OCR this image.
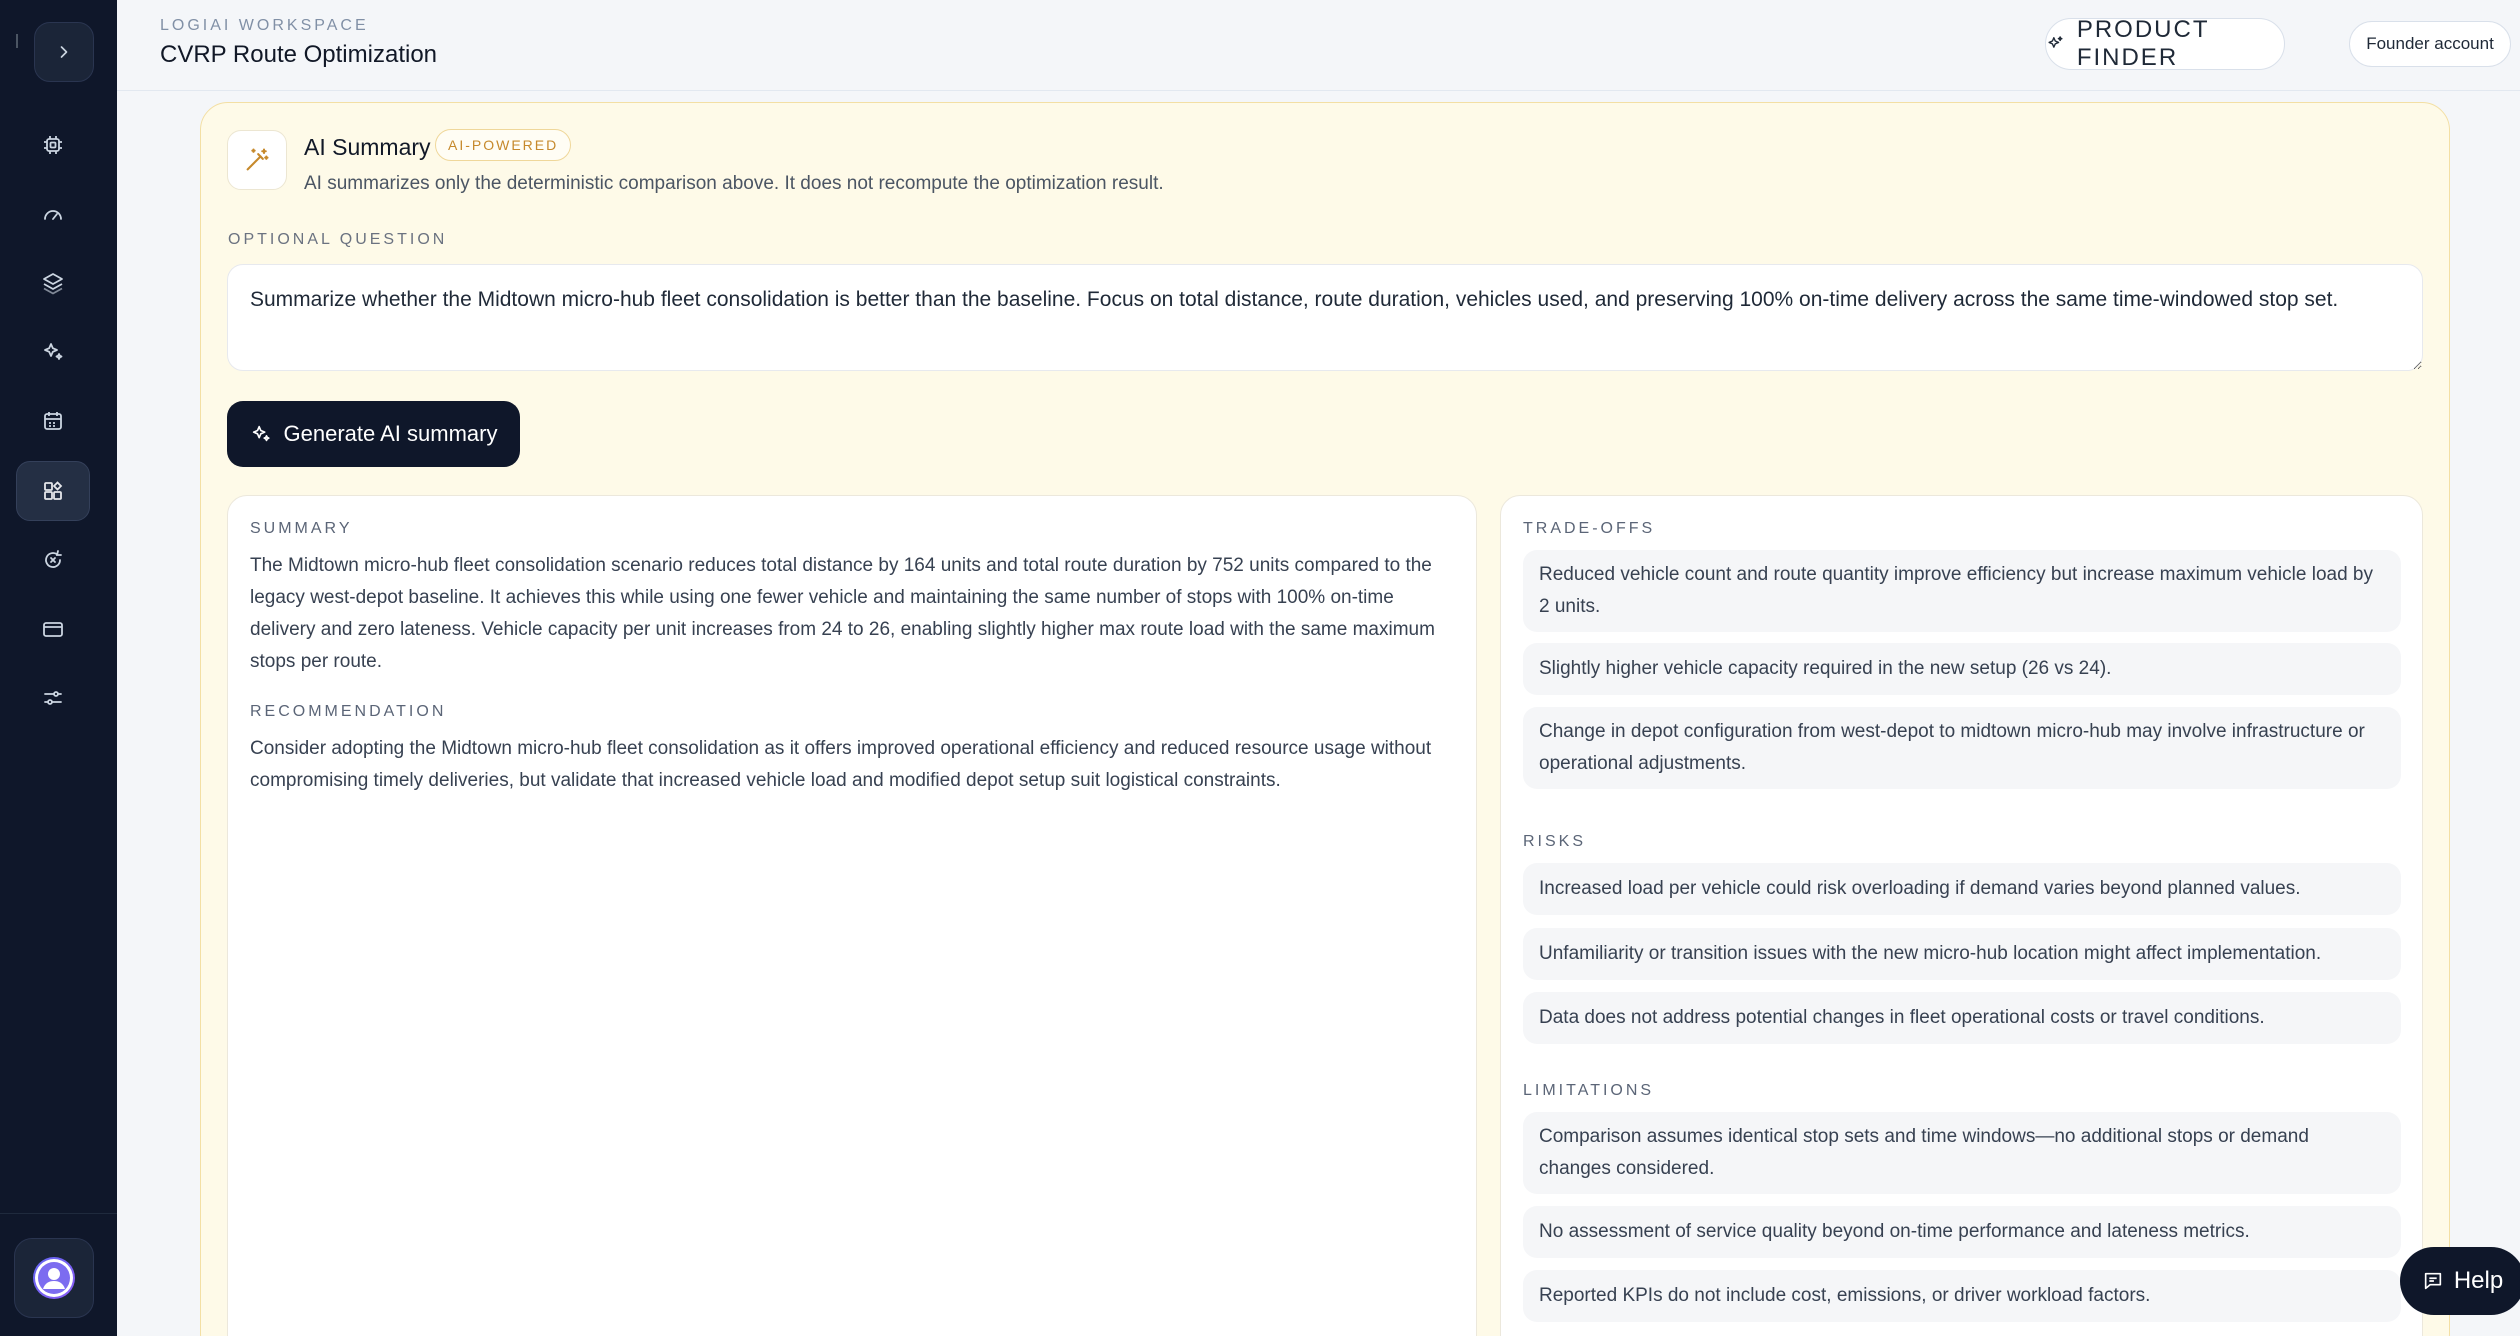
LOGIAI WORKSPACE
CVRP Route Optimization
PRODUCT FINDER
Founder account
AI Summary	AI-POWERED
AI summarizes only the deterministic comparison above. It does not recompute the optimization result.
OPTIONAL QUESTION
Summarize whether the Midtown micro-hub fleet consolidation is better than the baseline. Focus on total distance, route duration, vehicles used, and preserving 100% on-time delivery across the same time-windowed stop set.
Generate AI summary
SUMMARY

The Midtown micro-hub fleet consolidation scenario reduces total distance by 164 units and total route duration by 752 units compared to the legacy west-depot baseline. It achieves this while using one fewer vehicle and maintaining the same number of stops with 100% on-time delivery and zero lateness. Vehicle capacity per unit increases from 24 to 26, enabling slightly higher max route load with the same maximum stops per route.

RECOMMENDATION

Consider adopting the Midtown micro-hub fleet consolidation as it offers improved operational efficiency and reduced resource usage without compromising timely deliveries, but validate that increased vehicle load and modified depot setup suit logistical constraints.

TRADE-OFFS
Reduced vehicle count and route quantity improve efficiency but increase maximum vehicle load by 2 units.
Slightly higher vehicle capacity required in the new setup (26 vs 24).
Change in depot configuration from west-depot to midtown micro-hub may involve infrastructure or operational adjustments.
RISKS
Increased load per vehicle could risk overloading if demand varies beyond planned values.
Unfamiliarity or transition issues with the new micro-hub location might affect implementation.
Data does not address potential changes in fleet operational costs or travel conditions.
LIMITATIONS
Comparison assumes identical stop sets and time windows—no additional stops or demand changes considered.
No assessment of service quality beyond on-time performance and lateness metrics.
Reported KPIs do not include cost, emissions, or driver workload factors.
Help
